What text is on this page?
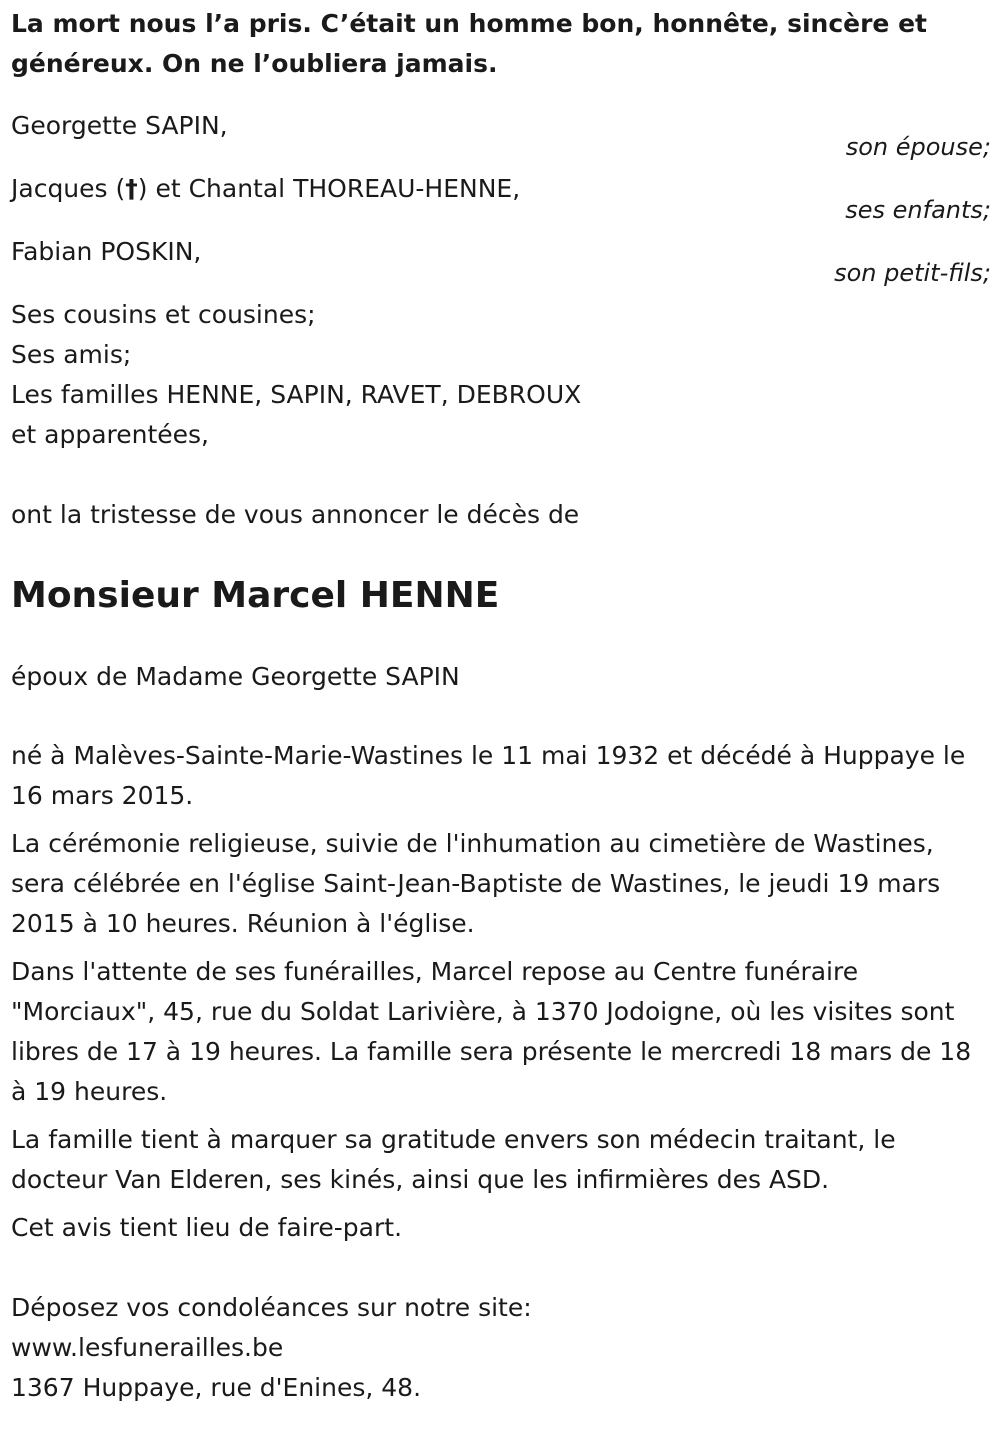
La mort nous l’a pris. C’était un homme bon, honnête, sincère et généreux. On ne l’oubliera jamais.

Georgette SAPIN,
son épouse;
Jacques (†) et Chantal THOREAU-HENNE,
ses enfants;
Fabian POSKIN,
son petit-fils;
Ses cousins et cousines;
Ses amis;
Les familles HENNE, SAPIN, RAVET, DEBROUX
et apparentées,
ont la tristesse de vous annoncer le décès de
Monsieur Marcel HENNE
époux de Madame Georgette SAPIN

né à Malèves-Sainte-Marie-Wastines le 11 mai 1932 et décédé à Huppaye le 16 mars 2015.

La cérémonie religieuse, suivie de l'inhumation au cimetière de Wastines, sera célébrée en l'église Saint-Jean-Baptiste de Wastines, le jeudi 19 mars 2015 à 10 heures. Réunion à l'église.

Dans l'attente de ses funérailles, Marcel repose au Centre funéraire "Morciaux", 45, rue du Soldat Larivière, à 1370 Jodoigne, où les visites sont libres de 17 à 19 heures. La famille sera présente le mercredi 18 mars de 18 à 19 heures.

La famille tient à marquer sa gratitude envers son médecin traitant, le docteur Van Elderen, ses kinés, ainsi que les infirmières des ASD.

Cet avis tient lieu de faire-part.

Déposez vos condoléances sur notre site:
www.lesfunerailles.be
1367 Huppaye, rue d'Enines, 48.
